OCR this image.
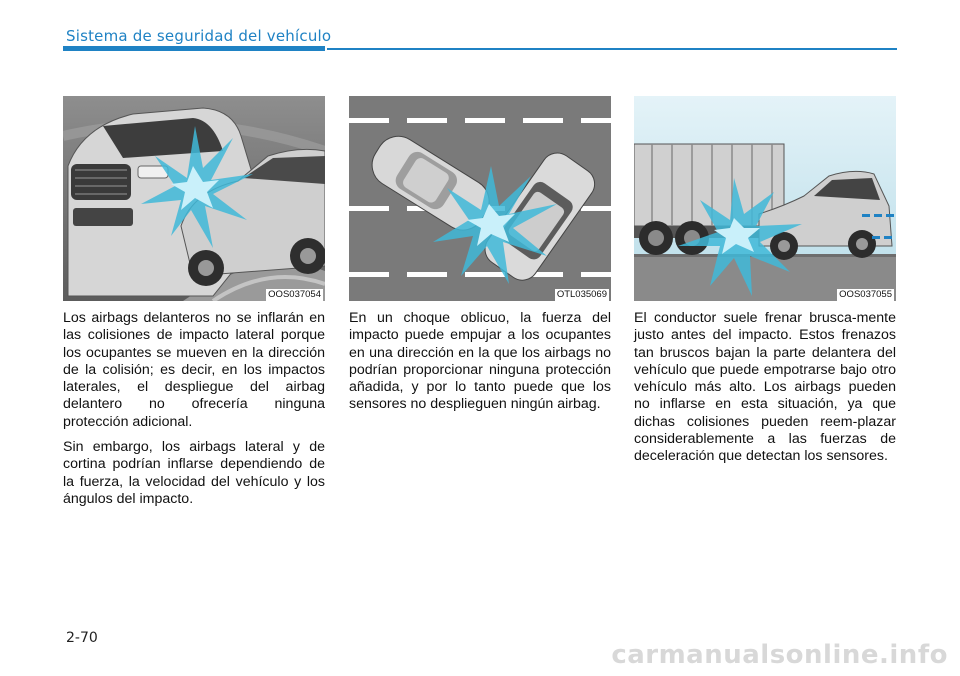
Sistema de seguridad del vehículo
OOS037054	OTL035069	OOS037055

Los airbags delanteros no se inflarán en las colisiones de impacto lateral porque los ocupantes se mueven en la dirección de la colisión; es decir, en los impactos laterales, el despliegue del airbag delantero no ofrecería ninguna protección adicional.

Sin embargo, los airbags lateral y de cortina podrían inflarse dependiendo de la fuerza, la velocidad del vehículo y los ángulos del impacto.

En un choque oblicuo, la fuerza del impacto puede empujar a los ocupantes en una dirección en la que los airbags no podrían proporcionar ninguna protección añadida, y por lo tanto puede que los sensores no desplieguen ningún airbag.

El conductor suele frenar brusca-mente justo antes del impacto. Estos frenazos tan bruscos bajan la parte delantera del vehículo que puede empotrarse bajo otro vehículo más alto. Los airbags pueden no inflarse en esta situación, ya que dichas colisiones pueden reem-plazar considerablemente a las fuerzas de deceleración que detectan los sensores.

2-70
carmanualsonline.info
